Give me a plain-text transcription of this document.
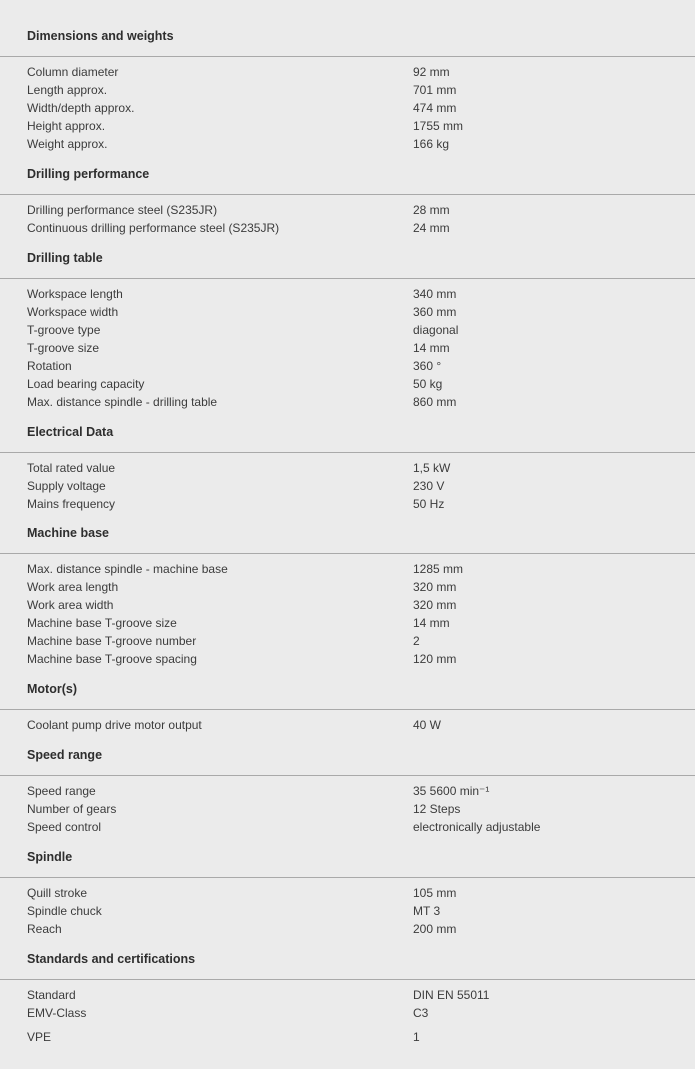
Dimensions and weights
Column diameter	92 mm
Length approx.	701 mm
Width/depth approx.	474 mm
Height approx.	1755 mm
Weight approx.	166 kg
Drilling performance
Drilling performance steel (S235JR)	28 mm
Continuous drilling performance steel (S235JR)	24 mm
Drilling table
Workspace length	340 mm
Workspace width	360 mm
T-groove type	diagonal
T-groove size	14 mm
Rotation	360 °
Load bearing capacity	50 kg
Max. distance spindle - drilling table	860 mm
Electrical Data
Total rated value	1,5 kW
Supply voltage	230 V
Mains frequency	50 Hz
Machine base
Max. distance spindle - machine base	1285 mm
Work area length	320 mm
Work area width	320 mm
Machine base T-groove size	14 mm
Machine base T-groove number	2
Machine base T-groove spacing	120 mm
Motor(s)
Coolant pump drive motor output	40 W
Speed range
Speed range	35 5600 min⁻¹
Number of gears	12 Steps
Speed control	electronically adjustable
Spindle
Quill stroke	105 mm
Spindle chuck	MT 3
Reach	200 mm
Standards and certifications
Standard	DIN EN 55011
EMV-Class	C3
VPE	1
